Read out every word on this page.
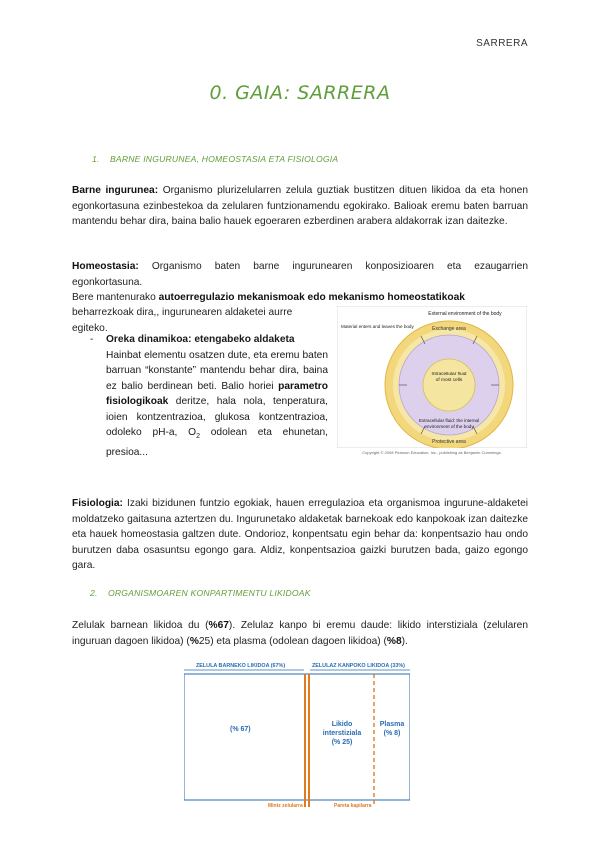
SARRERA
0. GAIA: SARRERA
1. BARNE INGURUNEA, HOMEOSTASIA ETA FISIOLOGIA
Barne ingurunea: Organismo plurizelularren zelula guztiak bustitzen dituen likidoa da eta honen egonkortasuna ezinbestekoa da zelularen funtzionamendu egokirako. Balioak eremu baten barruan mantendu behar dira, baina balio hauek egoeraren ezberdinen arabera aldakorrak izan daitezke.
Homeostasia: Organismo baten barne ingurunearen konposizioaren eta ezaugarrien egonkortasuna.
Bere mantenurako autoerregulazio mekanismoak edo mekanismo homeostatikoak
beharrezkoak dira,, ingurunearen aldaketei aurre egiteko.
- Oreka dinamikoa: etengabeko aldaketa
Hainbat elementu osatzen dute, eta eremu baten barruan “konstante” mantendu behar dira, baina ez balio berdinean beti. Balio horiei parametro fisiologikoak deritze, hala nola, tenperatura, ioien kontzentrazioa, glukosa kontzentrazioa, odoleko pH-a, $O_2$ odolean eta ehunetan, presioa...
External environment of the body
Material enters and leaves the body	Exchange area
Intracellular fluid of most cells
Extracellular fluid: the internal environment of the body
Protective area
Copyright © 2008 Pearson Education, Inc., publishing as Benjamin Cummings.
2. ORGANISMOAREN KONPARTIMENTU LIKIDOAK
Fisiologia: Izaki bizidunen funtzio egokiak, hauen erregulazioa eta organismoa ingurune-aldaketei moldatzeko gaitasuna aztertzen du. Ingurunetako aldaketak barnekoak edo kanpokoak izan daitezke eta hauek homeostasia galtzen dute. Ondorioz, konpentsatu egin behar da: konpentsazio hau ondo burutzen daba osasuntsu egongo gara. Aldiz, konpentsazioa gaizki burutzen bada, gaizo egongo gara.
Zelulak barnean likidoa du (%67). Zelulaz kanpo bi eremu daude: likido interstiziala (zelularen inguruan dagoen likidoa) (%25) eta plasma (odolean dagoen likidoa) (%8).
ZELULA BARNEKO LIKIDOA (67%)	ZELULAZ KANPOKO LIKIDOA (33%)
(% 67)
Likido
interstiziala
(% 25)
Plasma
(% 8)
Mintz zelularra	Pareta kapilarra
